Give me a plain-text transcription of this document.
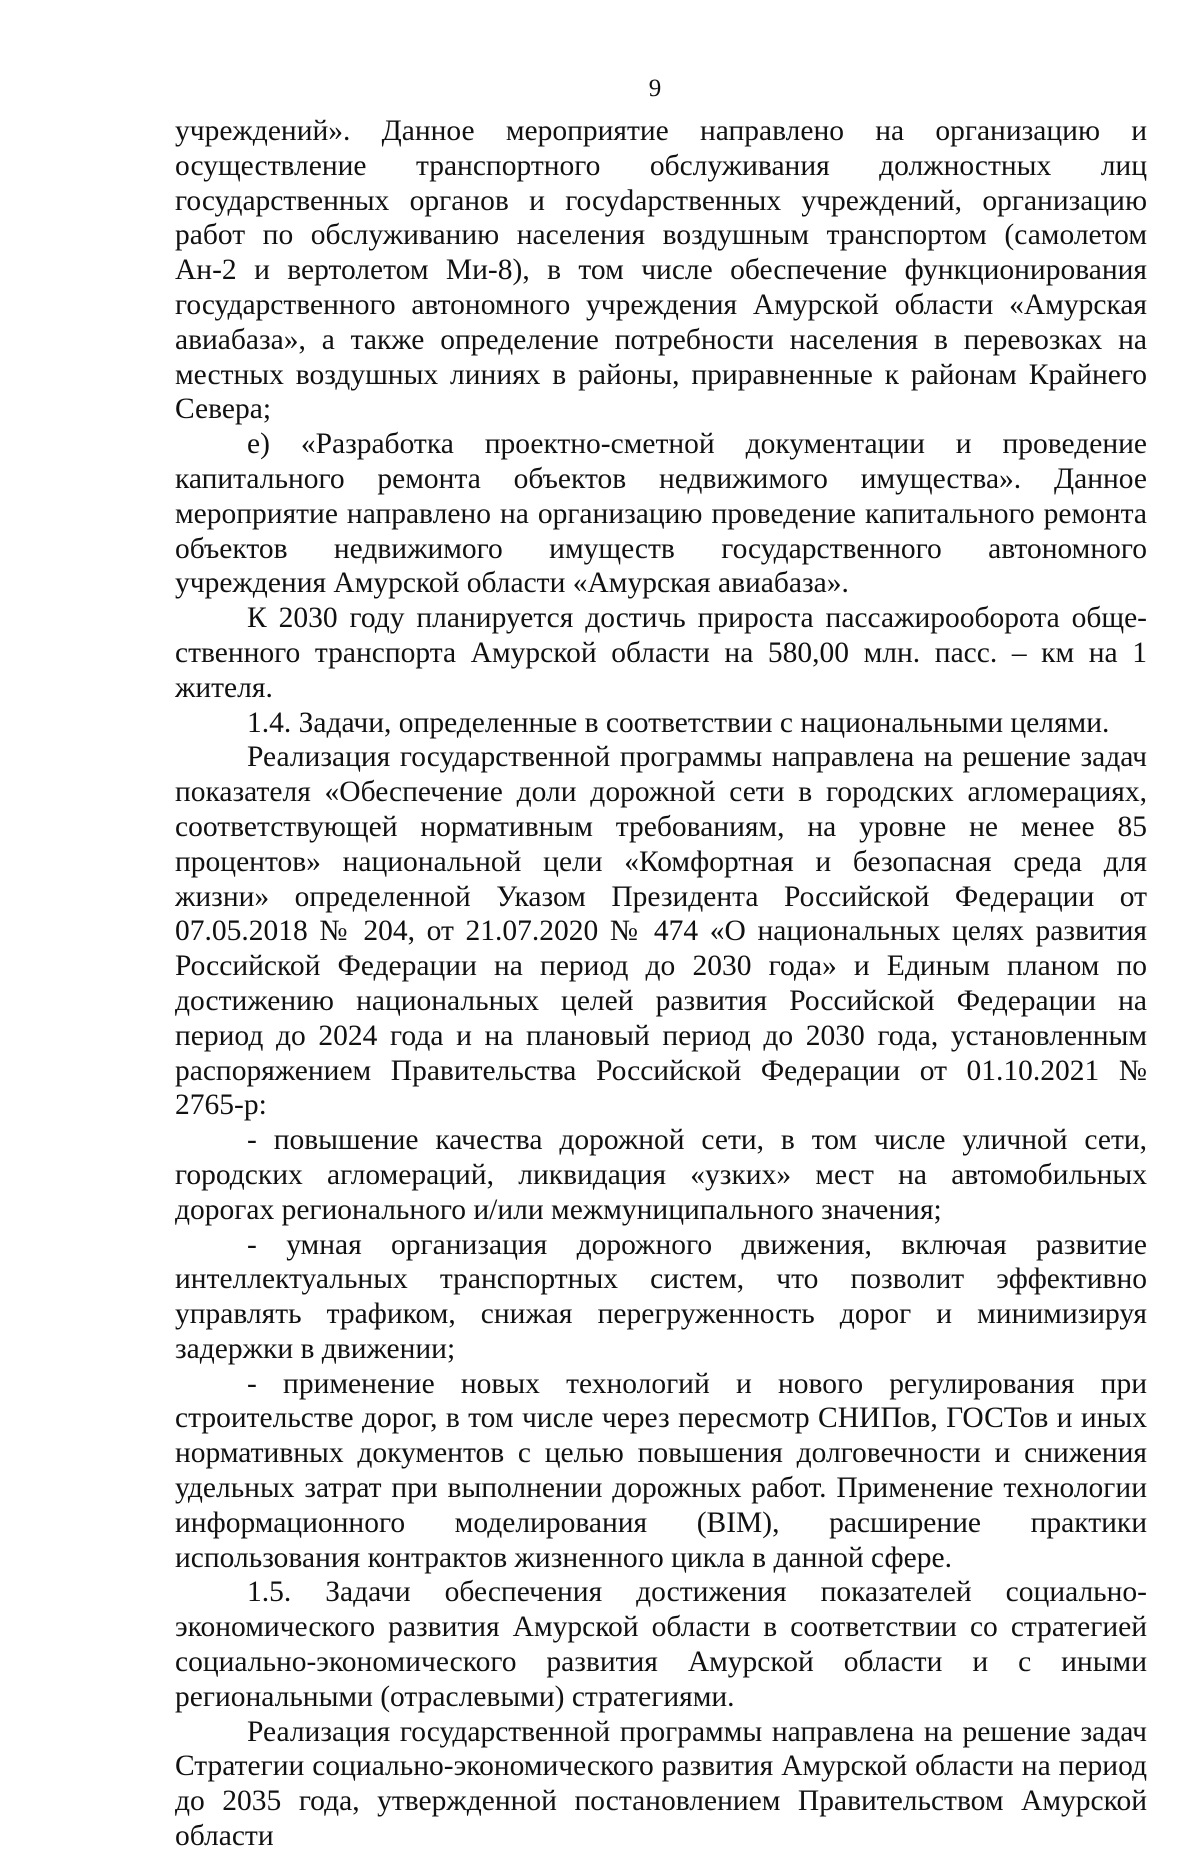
9

учреждений». Данное мероприятие направлено на организацию и осуществление транспортного обслуживания должностных лиц государственных органов и госуdарственных учреждений, организацию работ по обслуживанию населения воздушным транспортом (самолетом Ан-2 и вертолетом Ми-8), в том числе обеспечение функционирования государственного автономного учреждения Амурской области «Амурская авиабаза», а также определение потребности населения в перевозках на местных воздушных линиях в районы, приравненные к районам Крайнего Севера;

е) «Разработка проектно-сметной документации и проведение капитального ремонта объектов недвижимого имущества». Данное мероприятие направлено на организацию проведение капитального ремонта объектов недвижимого имуществ государственного автономного учреждения Амурской области «Амурская авиабаза».

К 2030 году планируется достичь прироста пассажирооборота общественного транспорта Амурской области на 580,00 млн. пасс. – км на 1 жителя.

1.4. Задачи, определенные в соответствии с национальными целями.

Реализация государственной программы направлена на решение задач показателя «Обеспечение доли дорожной сети в городских агломерациях, соответствующей нормативным требованиям, на уровне не менее 85 процентов» национальной цели «Комфортная и безопасная среда для жизни» определенной Указом Президента Российской Федерации от 07.05.2018 № 204, от 21.07.2020 № 474 «О национальных целях развития Российской Федерации на период до 2030 года» и Единым планом по достижению национальных целей развития Российской Федерации на период до 2024 года и на плановый период до 2030 года, установленным распоряжением Правительства Российской Федерации от 01.10.2021 № 2765-р:

- повышение качества дорожной сети, в том числе уличной сети, городских агломераций, ликвидация «узких» мест на автомобильных дорогах регионального и/или межмуниципального значения;

- умная организация дорожного движения, включая развитие интеллектуальных транспортных систем, что позволит эффективно управлять трафиком, снижая перегруженность дорог и минимизируя задержки в движении;

- применение новых технологий и нового регулирования при строительстве дорог, в том числе через пересмотр СНИПов, ГОСТов и иных нормативных документов с целью повышения долговечности и снижения удельных затрат при выполнении дорожных работ. Применение технологии информационного моделирования (BIM), расширение практики использования контрактов жизненного цикла в данной сфере.

1.5. Задачи обеспечения достижения показателей социально-экономического развития Амурской области в соответствии со стратегией социально-экономического развития Амурской области и с иными региональными (отраслевыми) стратегиями.

Реализация государственной программы направлена на решение задач Стратегии социально-экономического развития Амурской области на период до 2035 года, утвержденной постановлением Правительством Амурской области
